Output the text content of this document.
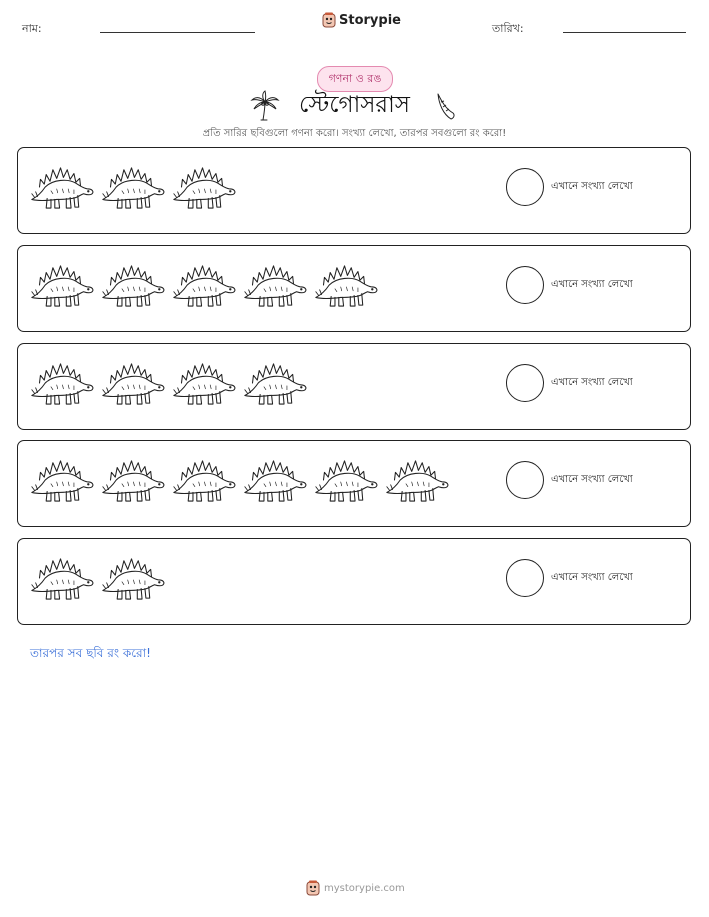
নাম:
Storypie
তারিখ:
গণনা ও রঙ
স্টেগোসরাস
প্রতি সারির ছবিগুলো গণনা করো। সংখ্যা লেখো, তারপর সবগুলো রং করো!
এখানে সংখ্যা লেখো
এখানে সংখ্যা লেখো
এখানে সংখ্যা লেখো
এখানে সংখ্যা লেখো
এখানে সংখ্যা লেখো
তারপর সব ছবি রং করো!
mystorypie.com
